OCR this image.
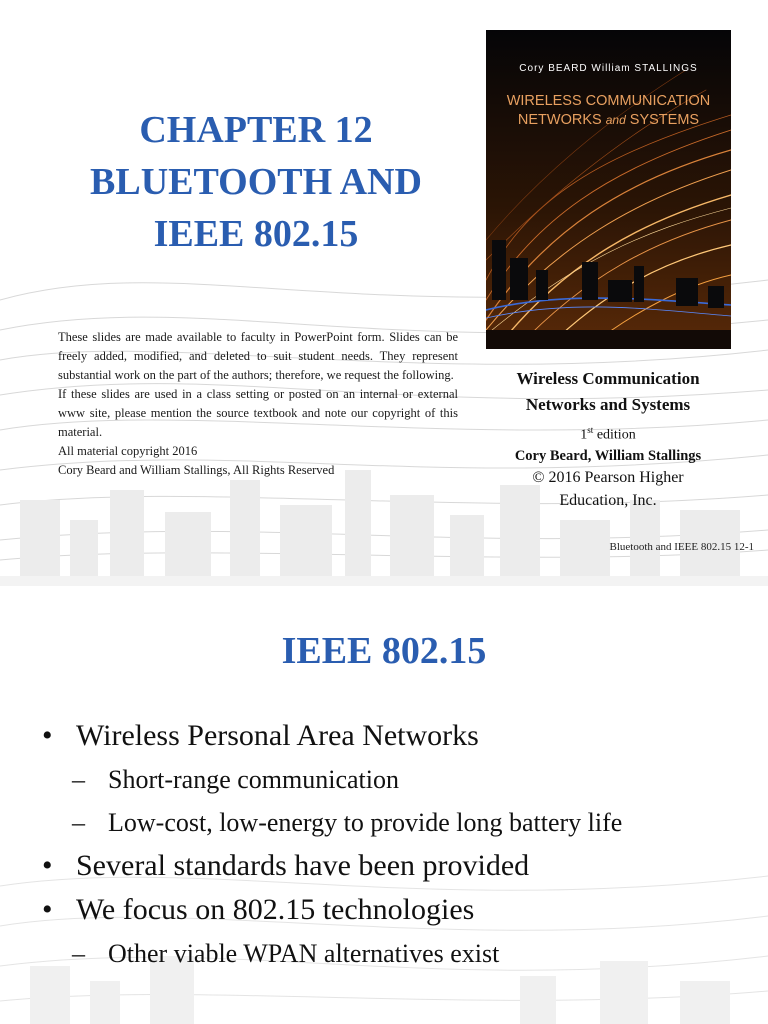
CHAPTER 12
BLUETOOTH AND
IEEE 802.15

These slides are made available to faculty in PowerPoint form. Slides can be freely added, modified, and deleted to suit student needs. They represent substantial work on the part of the authors; therefore, we request the following.

If these slides are used in a class setting or posted on an internal or external www site, please mention the source textbook and note our copyright of this material.

All material copyright 2016

Cory Beard and William Stallings, All Rights Reserved

Cory BEARD William STALLINGS
WIRELESS COMMUNICATION
NETWORKS and SYSTEMS
Wireless Communication
Networks and Systems
1st edition
Cory Beard, William Stallings
© 2016 Pearson Higher
Education, Inc.
Bluetooth and IEEE 802.15 12-1
IEEE 802.15
• Wireless Personal Area Networks
– Short-range communication
– Low-cost, low-energy to provide long battery life
• Several standards have been provided
• We focus on 802.15 technologies
– Other viable WPAN alternatives exist
